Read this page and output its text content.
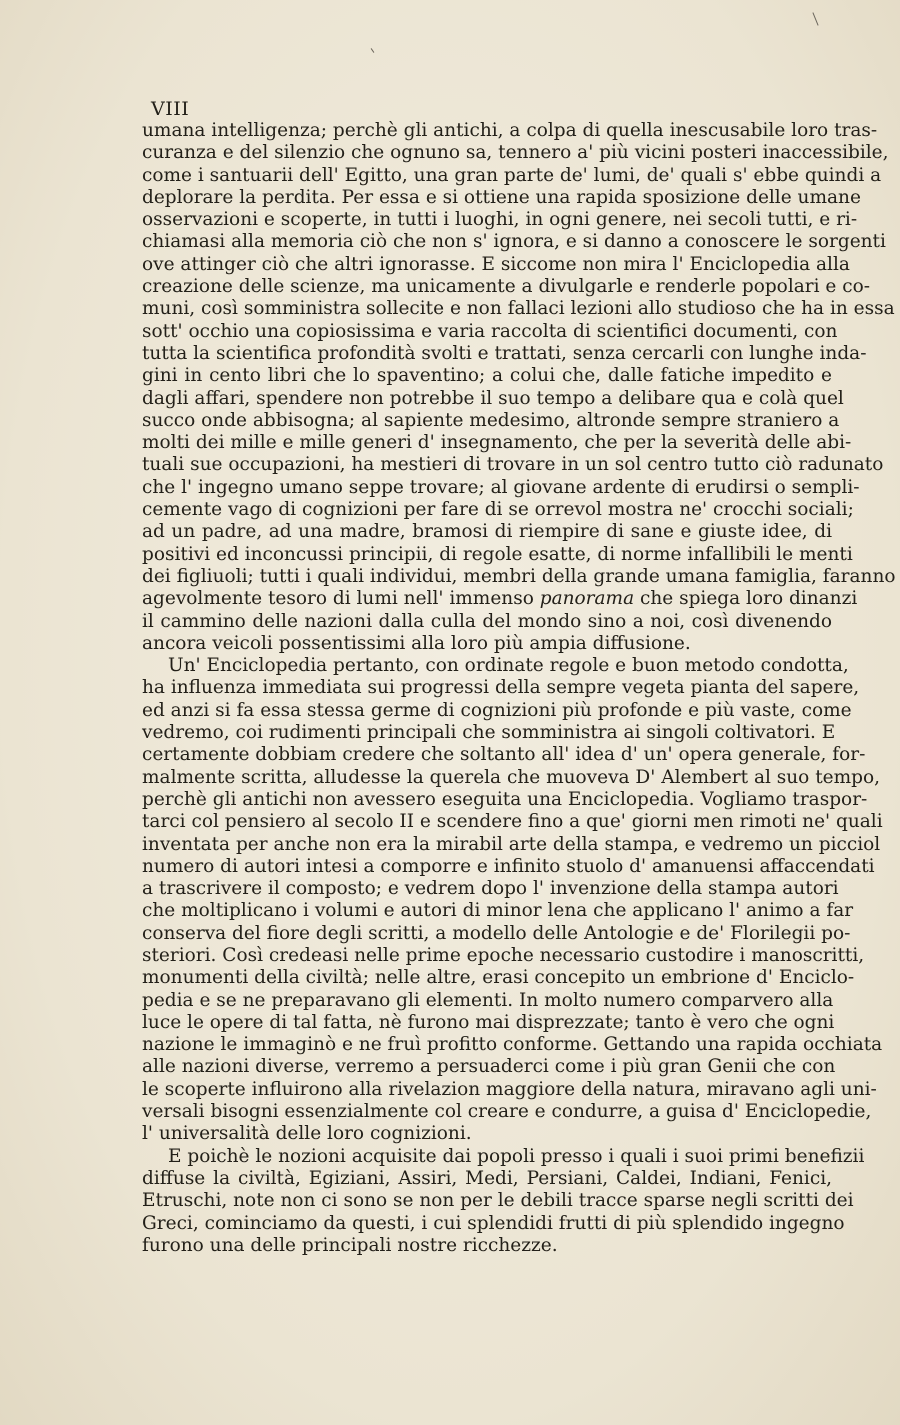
VIII
umana intelligenza; perchè gli antichi, a colpa di quella inescusabile loro tras-
curanza e del silenzio che ognuno sa, tennero a' più vicini posteri inaccessibile,
come i santuarii dell' Egitto, una gran parte de' lumi, de' quali s' ebbe quindi a
deplorare la perdita. Per essa e si ottiene una rapida sposizione delle umane
osservazioni e scoperte, in tutti i luoghi, in ogni genere, nei secoli tutti, e ri-
chiamasi alla memoria ciò che non s' ignora, e si danno a conoscere le sorgenti
ove attinger ciò che altri ignorasse. E siccome non mira l' Enciclopedia alla
creazione delle scienze, ma unicamente a divulgarle e renderle popolari e co-
muni, così somministra sollecite e non fallaci lezioni allo studioso che ha in essa
sott' occhio una copiosissima e varia raccolta di scientifici documenti, con
tutta la scientifica profondità svolti e trattati, senza cercarli con lunghe inda-
gini in cento libri che lo spaventino; a colui che, dalle fatiche impedito e
dagli affari, spendere non potrebbe il suo tempo a delibare qua e colà quel
succo onde abbisogna; al sapiente medesimo, altronde sempre straniero a
molti dei mille e mille generi d' insegnamento, che per la severità delle abi-
tuali sue occupazioni, ha mestieri di trovare in un sol centro tutto ciò radunato
che l' ingegno umano seppe trovare; al giovane ardente di erudirsi o sempli-
cemente vago di cognizioni per fare di se orrevol mostra ne' crocchi sociali;
ad un padre, ad una madre, bramosi di riempire di sane e giuste idee, di
positivi ed inconcussi principii, di regole esatte, di norme infallibili le menti
dei figliuoli; tutti i quali individui, membri della grande umana famiglia, faranno
agevolmente tesoro di lumi nell' immenso panorama che spiega loro dinanzi
il cammino delle nazioni dalla culla del mondo sino a noi, così divenendo
ancora veicoli possentissimi alla loro più ampia diffusione.
Un' Enciclopedia pertanto, con ordinate regole e buon metodo condotta,
ha influenza immediata sui progressi della sempre vegeta pianta del sapere,
ed anzi si fa essa stessa germe di cognizioni più profonde e più vaste, come
vedremo, coi rudimenti principali che somministra ai singoli coltivatori. E
certamente dobbiam credere che soltanto all' idea d' un' opera generale, for-
malmente scritta, alludesse la querela che muoveva D' Alembert al suo tempo,
perchè gli antichi non avessero eseguita una Enciclopedia. Vogliamo traspor-
tarci col pensiero al secolo II e scendere fino a que' giorni men rimoti ne' quali
inventata per anche non era la mirabil arte della stampa, e vedremo un picciol
numero di autori intesi a comporre e infinito stuolo d' amanuensi affaccendati
a trascrivere il composto; e vedrem dopo l' invenzione della stampa autori
che moltiplicano i volumi e autori di minor lena che applicano l' animo a far
conserva del fiore degli scritti, a modello delle Antologie e de' Florilegii po-
steriori. Così credeasi nelle prime epoche necessario custodire i manoscritti,
monumenti della civiltà; nelle altre, erasi concepito un embrione d' Enciclo-
pedia e se ne preparavano gli elementi. In molto numero comparvero alla
luce le opere di tal fatta, nè furono mai disprezzate; tanto è vero che ogni
nazione le immaginò e ne fruì profitto conforme. Gettando una rapida occhiata
alle nazioni diverse, verremo a persuaderci come i più gran Genii che con
le scoperte influirono alla rivelazion maggiore della natura, miravano agli uni-
versali bisogni essenzialmente col creare e condurre, a guisa d' Enciclopedie,
l' universalità delle loro cognizioni.
E poichè le nozioni acquisite dai popoli presso i quali i suoi primi benefizii
diffuse la civiltà, Egiziani, Assiri, Medi, Persiani, Caldei, Indiani, Fenici,
Etruschi, note non ci sono se non per le debili tracce sparse negli scritti dei
Greci, cominciamo da questi, i cui splendidi frutti di più splendido ingegno
furono una delle principali nostre ricchezze.
